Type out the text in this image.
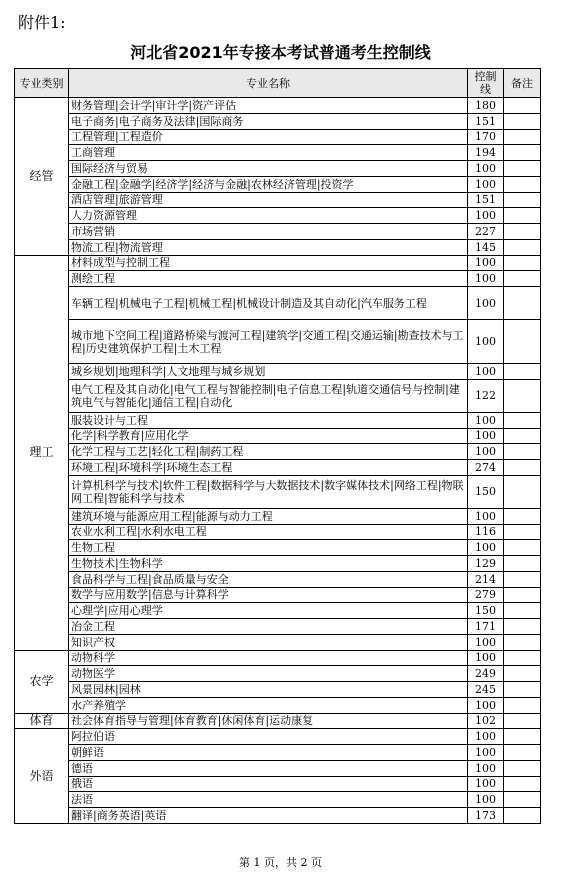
附件1:
河北省2021年专接本考试普通考生控制线
专业类别	专业名称	控制线	备注
经管	财务管理|会计学|审计学|资产评估	180	
	电子商务|电子商务及法律|国际商务	151	
	工程管理|工程造价	170	
	工商管理	194	
	国际经济与贸易	100	
	金融工程|金融学|经济学|经济与金融|农林经济管理|投资学	100	
	酒店管理|旅游管理	151	
	人力资源管理	100	
	市场营销	227	
	物流工程|物流管理	145	
理工	材料成型与控制工程	100	
	测绘工程	100	
	车辆工程|机械电子工程|机械工程|机械设计制造及其自动化|汽车服务工程	100	
	城市地下空间工程|道路桥梁与渡河工程|建筑学|交通工程|交通运输|勘查技术与工程|历史建筑保护工程|土木工程	100	
	城乡规划|地理科学|人文地理与城乡规划	100	
	电气工程及其自动化|电气工程与智能控制|电子信息工程|轨道交通信号与控制|建筑电气与智能化|通信工程|自动化	122	
	服装设计与工程	100	
	化学|科学教育|应用化学	100	
	化学工程与工艺|轻化工程|制药工程	100	
	环境工程|环境科学|环境生态工程	274	
	计算机科学与技术|软件工程|数据科学与大数据技术|数字媒体技术|网络工程|物联网工程|智能科学与技术	150	
	建筑环境与能源应用工程|能源与动力工程	100	
	农业水利工程|水利水电工程	116	
	生物工程	100	
	生物技术|生物科学	129	
	食品科学与工程|食品质量与安全	214	
	数学与应用数学|信息与计算科学	279	
	心理学|应用心理学	150	
	冶金工程	171	
	知识产权	100	
农学	动物科学	100	
	动物医学	249	
	风景园林|园林	245	
	水产养殖学	100	
体育	社会体育指导与管理|体育教育|休闲体育|运动康复	102	
外语	阿拉伯语	100	
	朝鲜语	100	
	德语	100	
	俄语	100	
	法语	100	
	翻译|商务英语|英语	173	
第 1 页，共 2 页
